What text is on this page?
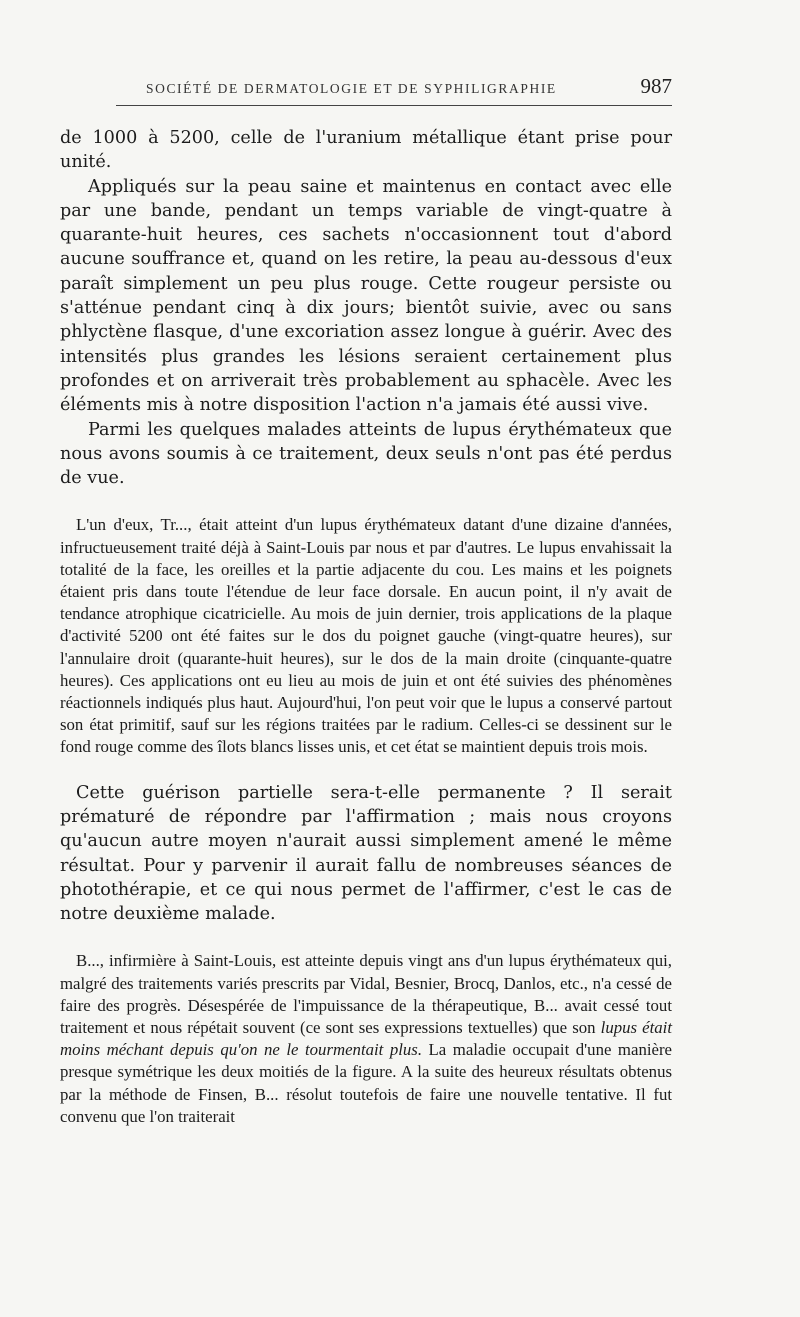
SOCIÉTÉ DE DERMATOLOGIE ET DE SYPHILIGRAPHIE	987

de 1000 à 5200, celle de l'uranium métallique étant prise pour unité.

Appliqués sur la peau saine et maintenus en contact avec elle par une bande, pendant un temps variable de vingt-quatre à quarante-huit heures, ces sachets n'occasionnent tout d'abord aucune souffrance et, quand on les retire, la peau au-dessous d'eux paraît simplement un peu plus rouge. Cette rougeur persiste ou s'atténue pendant cinq à dix jours; bientôt suivie, avec ou sans phlyctène flasque, d'une excoriation assez longue à guérir. Avec des intensités plus grandes les lésions seraient certainement plus profondes et on arriverait très probablement au sphacèle. Avec les éléments mis à notre disposition l'action n'a jamais été aussi vive.

Parmi les quelques malades atteints de lupus érythémateux que nous avons soumis à ce traitement, deux seuls n'ont pas été perdus de vue.

L'un d'eux, Tr..., était atteint d'un lupus érythémateux datant d'une dizaine d'années, infructueusement traité déjà à Saint-Louis par nous et par d'autres. Le lupus envahissait la totalité de la face, les oreilles et la partie adjacente du cou. Les mains et les poignets étaient pris dans toute l'étendue de leur face dorsale. En aucun point, il n'y avait de tendance atrophique cicatricielle. Au mois de juin dernier, trois applications de la plaque d'activité 5200 ont été faites sur le dos du poignet gauche (vingt-quatre heures), sur l'annulaire droit (quarante-huit heures), sur le dos de la main droite (cinquante-quatre heures). Ces applications ont eu lieu au mois de juin et ont été suivies des phénomènes réactionnels indiqués plus haut. Aujourd'hui, l'on peut voir que le lupus a conservé partout son état primitif, sauf sur les régions traitées par le radium. Celles-ci se dessinent sur le fond rouge comme des îlots blancs lisses unis, et cet état se maintient depuis trois mois.

Cette guérison partielle sera-t-elle permanente ? Il serait prématuré de répondre par l'affirmation ; mais nous croyons qu'aucun autre moyen n'aurait aussi simplement amené le même résultat. Pour y parvenir il aurait fallu de nombreuses séances de photothérapie, et ce qui nous permet de l'affirmer, c'est le cas de notre deuxième malade.

B..., infirmière à Saint-Louis, est atteinte depuis vingt ans d'un lupus érythémateux qui, malgré des traitements variés prescrits par Vidal, Besnier, Brocq, Danlos, etc., n'a cessé de faire des progrès. Désespérée de l'impuissance de la thérapeutique, B... avait cessé tout traitement et nous répétait souvent (ce sont ses expressions textuelles) que son lupus était moins méchant depuis qu'on ne le tourmentait plus. La maladie occupait d'une manière presque symétrique les deux moitiés de la figure. A la suite des heureux résultats obtenus par la méthode de Finsen, B... résolut toutefois de faire une nouvelle tentative. Il fut convenu que l'on traiterait
